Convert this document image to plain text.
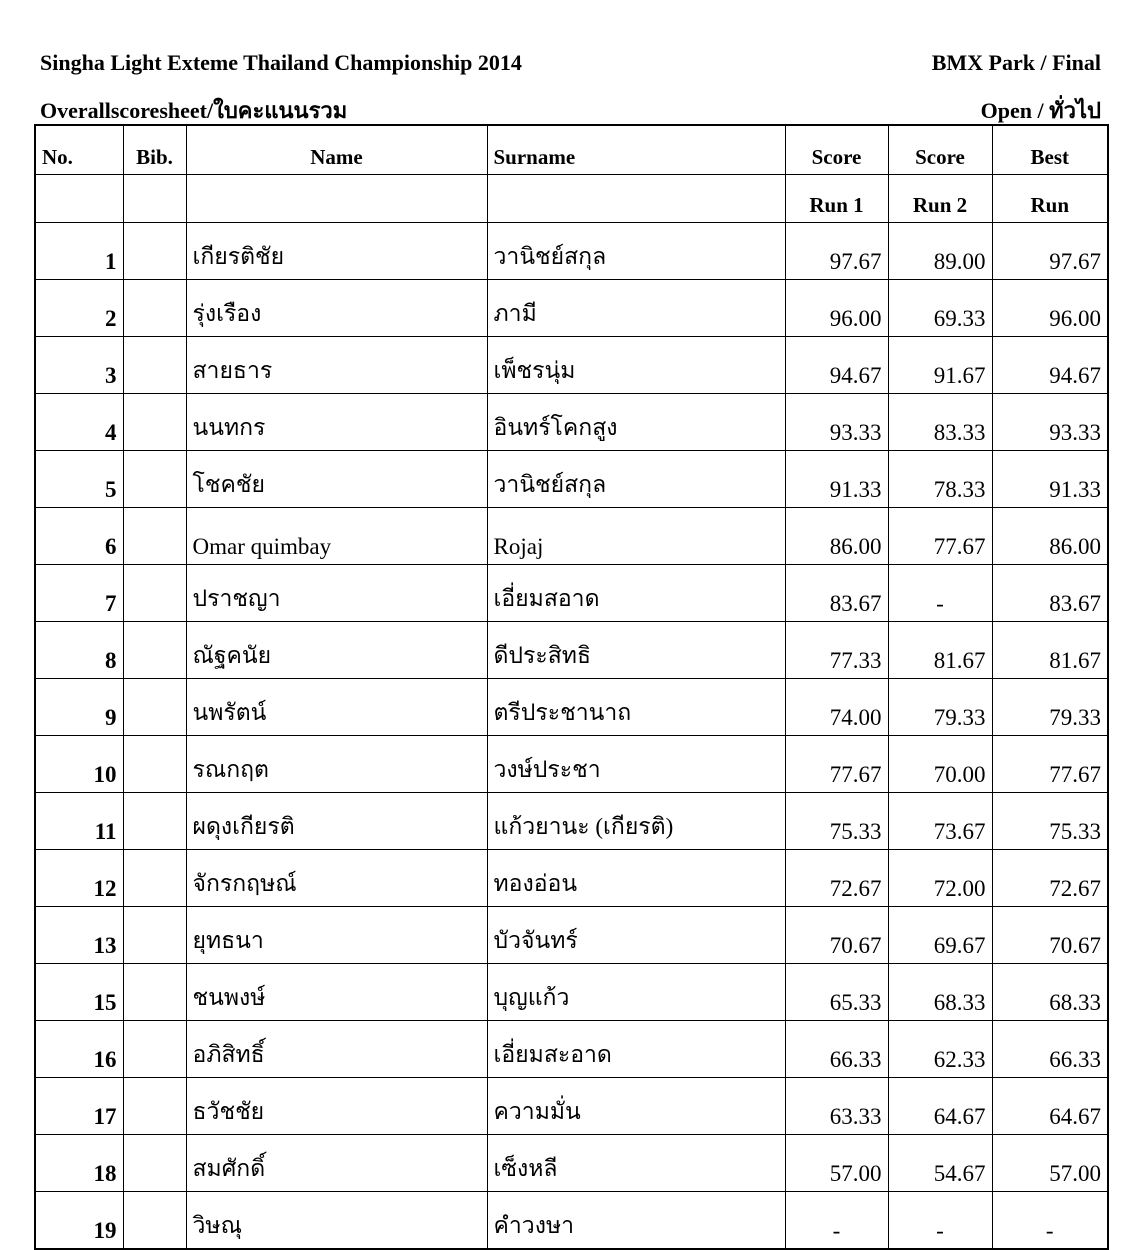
Singha Light Exteme Thailand Championship 2014	BMX Park / Final
Overallscoresheet/ใบคะแนนรวม	Open / ทั่วไป
No.	Bib.	Name	Surname	Score	Score	Best
				Run 1	Run 2	Run
1		เกียรติชัย	วานิชย์สกุล	97.67	89.00	97.67
2		รุ่งเรือง	ภามี	96.00	69.33	96.00
3		สายธาร	เพ็ชรนุ่ม	94.67	91.67	94.67
4		นนทกร	อินทร์โคกสูง	93.33	83.33	93.33
5		โชคชัย	วานิชย์สกุล	91.33	78.33	91.33
6		Omar quimbay	Rojaj	86.00	77.67	86.00
7		ปราชญา	เอี่ยมสอาด	83.67	-	83.67
8		ณัฐคนัย	ดีประสิทธิ	77.33	81.67	81.67
9		นพรัตน์	ตรีประชานาถ	74.00	79.33	79.33
10		รณกฤต	วงษ์ประชา	77.67	70.00	77.67
11		ผดุงเกียรติ	แก้วยานะ (เกียรติ)	75.33	73.67	75.33
12		จักรกฤษณ์	ทองอ่อน	72.67	72.00	72.67
13		ยุทธนา	บัวจันทร์	70.67	69.67	70.67
15		ชนพงษ์	บุญแก้ว	65.33	68.33	68.33
16		อภิสิทธิ์	เอี่ยมสะอาด	66.33	62.33	66.33
17		ธวัชชัย	ความมั่น	63.33	64.67	64.67
18		สมศักดิ์	เซ็งหลี	57.00	54.67	57.00
19		วิษณุ	คำวงษา	-	-	-
